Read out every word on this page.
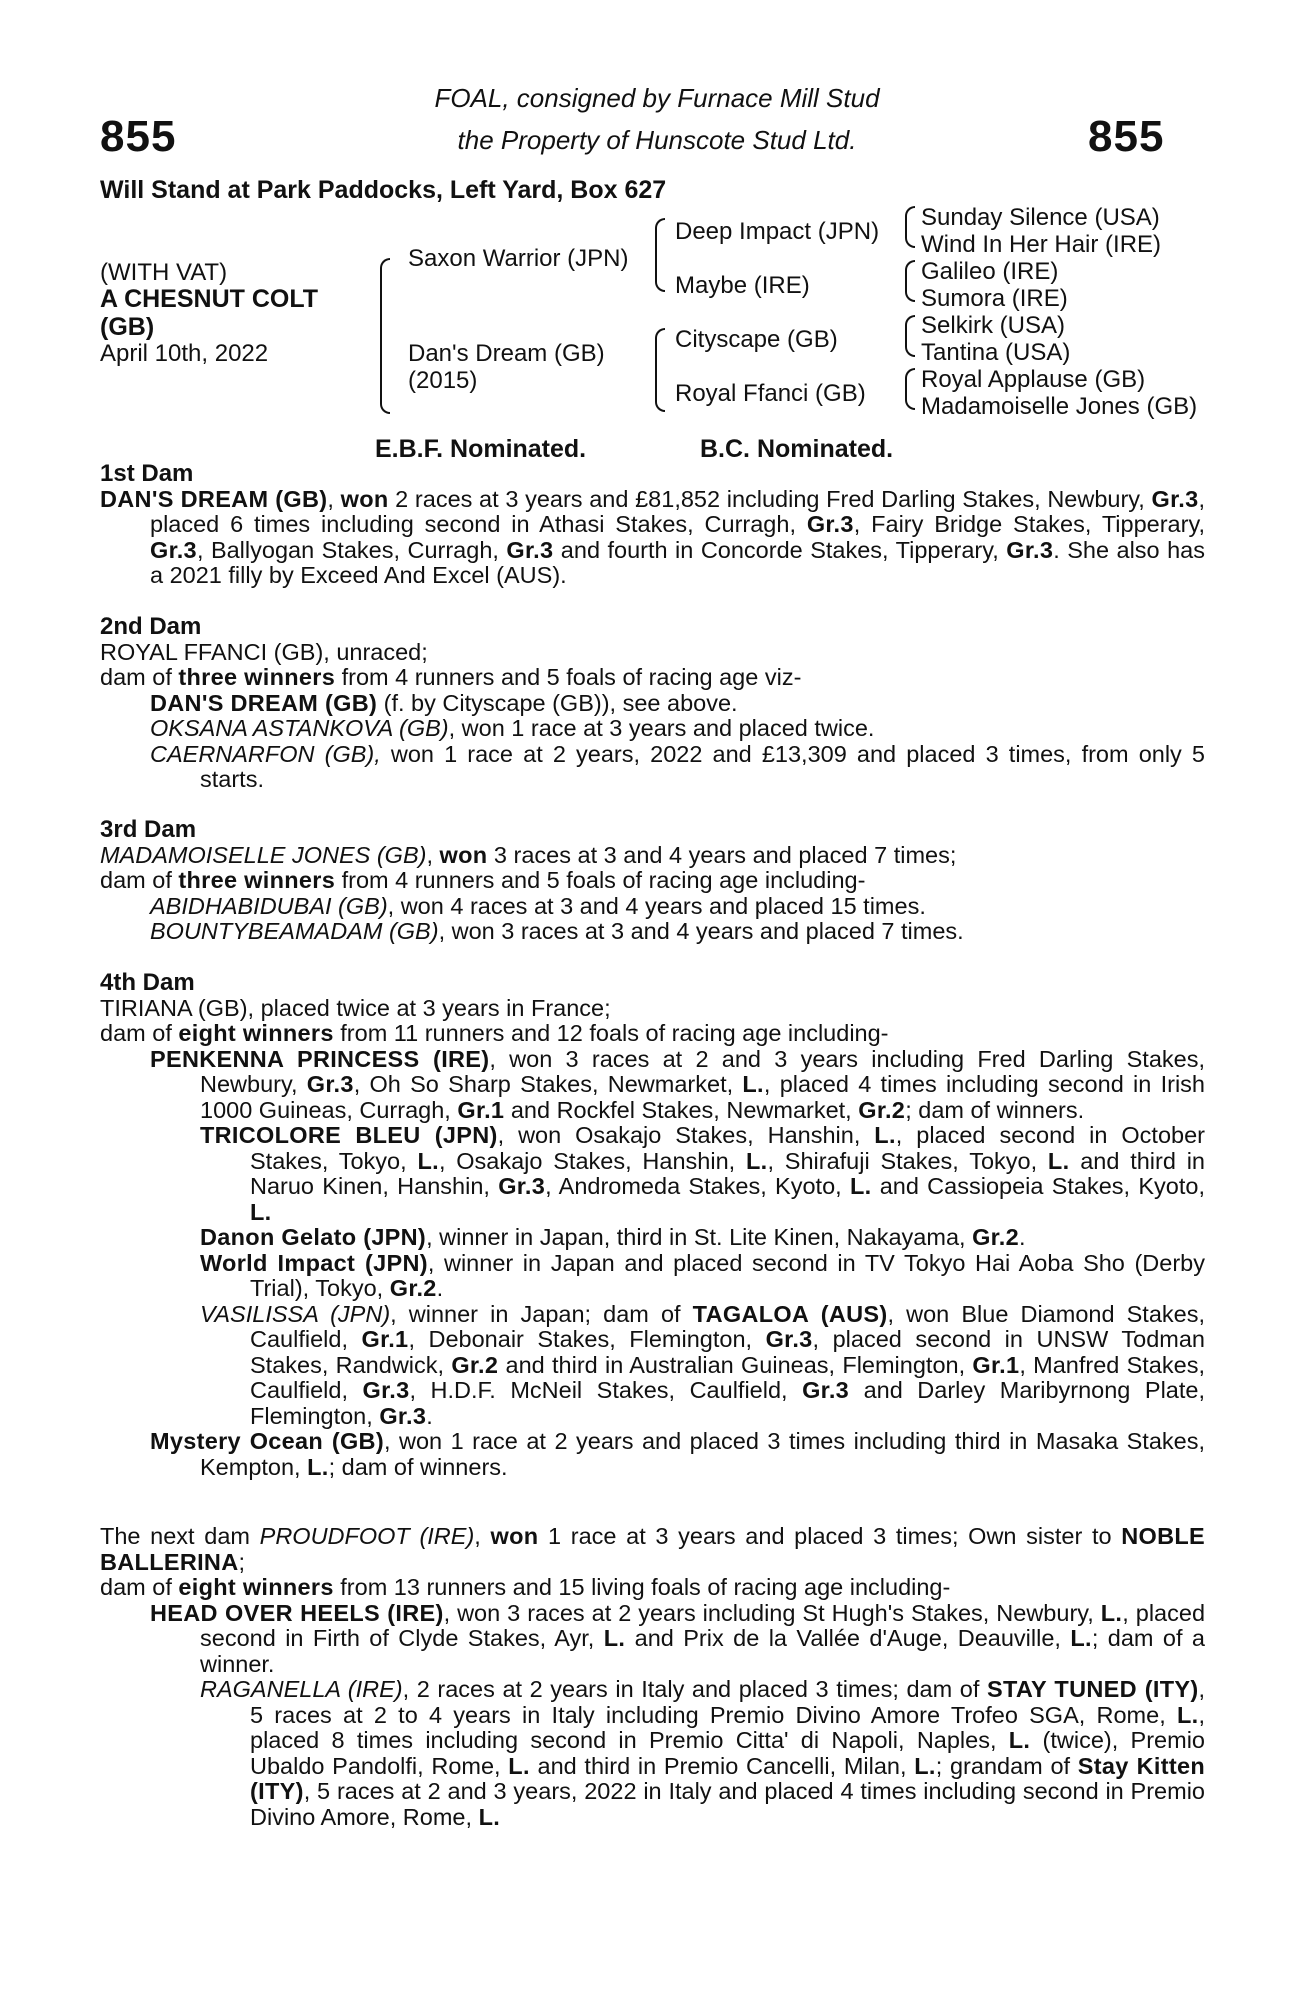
855	855
FOAL, consigned by Furnace Mill Stud
the Property of Hunscote Stud Ltd.
Will Stand at Park Paddocks, Left Yard, Box 627
(WITH VAT)
A CHESNUT COLT
(GB)
April 10th, 2022
Saxon Warrior (JPN)
Dan's Dream (GB)
(2015)
Deep Impact (JPN)
Maybe (IRE)
Cityscape (GB)
Royal Ffanci (GB)
Sunday Silence (USA)
Wind In Her Hair (IRE)
Galileo (IRE)
Sumora (IRE)
Selkirk (USA)
Tantina (USA)
Royal Applause (GB)
Madamoiselle Jones (GB)
E.B.F. Nominated.	B.C. Nominated.
1st Dam

DAN'S DREAM (GB), won 2 races at 3 years and £81,852 including Fred Darling Stakes, Newbury, Gr.3, placed 6 times including second in Athasi Stakes, Curragh, Gr.3, Fairy Bridge Stakes, Tipperary, Gr.3, Ballyogan Stakes, Curragh, Gr.3 and fourth in Concorde Stakes, Tipperary, Gr.3. She also has a 2021 filly by Exceed And Excel (AUS).

2nd Dam

ROYAL FFANCI (GB), unraced;

dam of three winners from 4 runners and 5 foals of racing age viz-

DAN'S DREAM (GB) (f. by Cityscape (GB)), see above.

OKSANA ASTANKOVA (GB), won 1 race at 3 years and placed twice.

CAERNARFON (GB), won 1 race at 2 years, 2022 and £13,309 and placed 3 times, from only 5 starts.

3rd Dam

MADAMOISELLE JONES (GB), won 3 races at 3 and 4 years and placed 7 times;

dam of three winners from 4 runners and 5 foals of racing age including-

ABIDHABIDUBAI (GB), won 4 races at 3 and 4 years and placed 15 times.

BOUNTYBEAMADAM (GB), won 3 races at 3 and 4 years and placed 7 times.

4th Dam

TIRIANA (GB), placed twice at 3 years in France;

dam of eight winners from 11 runners and 12 foals of racing age including-

PENKENNA PRINCESS (IRE), won 3 races at 2 and 3 years including Fred Darling Stakes, Newbury, Gr.3, Oh So Sharp Stakes, Newmarket, L., placed 4 times including second in Irish 1000 Guineas, Curragh, Gr.1 and Rockfel Stakes, Newmarket, Gr.2; dam of winners.

TRICOLORE BLEU (JPN), won Osakajo Stakes, Hanshin, L., placed second in October Stakes, Tokyo, L., Osakajo Stakes, Hanshin, L., Shirafuji Stakes, Tokyo, L. and third in Naruo Kinen, Hanshin, Gr.3, Andromeda Stakes, Kyoto, L. and Cassiopeia Stakes, Kyoto, L.

Danon Gelato (JPN), winner in Japan, third in St. Lite Kinen, Nakayama, Gr.2.

World Impact (JPN), winner in Japan and placed second in TV Tokyo Hai Aoba Sho (Derby Trial), Tokyo, Gr.2.

VASILISSA (JPN), winner in Japan; dam of TAGALOA (AUS), won Blue Diamond Stakes, Caulfield, Gr.1, Debonair Stakes, Flemington, Gr.3, placed second in UNSW Todman Stakes, Randwick, Gr.2 and third in Australian Guineas, Flemington, Gr.1, Manfred Stakes, Caulfield, Gr.3, H.D.F. McNeil Stakes, Caulfield, Gr.3 and Darley Maribyrnong Plate, Flemington, Gr.3.

Mystery Ocean (GB), won 1 race at 2 years and placed 3 times including third in Masaka Stakes, Kempton, L.; dam of winners.

The next dam PROUDFOOT (IRE), won 1 race at 3 years and placed 3 times; Own sister to NOBLE BALLERINA;

dam of eight winners from 13 runners and 15 living foals of racing age including-

HEAD OVER HEELS (IRE), won 3 races at 2 years including St Hugh's Stakes, Newbury, L., placed second in Firth of Clyde Stakes, Ayr, L. and Prix de la Vallée d'Auge, Deauville, L.; dam of a winner.

RAGANELLA (IRE), 2 races at 2 years in Italy and placed 3 times; dam of STAY TUNED (ITY), 5 races at 2 to 4 years in Italy including Premio Divino Amore Trofeo SGA, Rome, L., placed 8 times including second in Premio Citta' di Napoli, Naples, L. (twice), Premio Ubaldo Pandolfi, Rome, L. and third in Premio Cancelli, Milan, L.; grandam of Stay Kitten (ITY), 5 races at 2 and 3 years, 2022 in Italy and placed 4 times including second in Premio Divino Amore, Rome, L.
